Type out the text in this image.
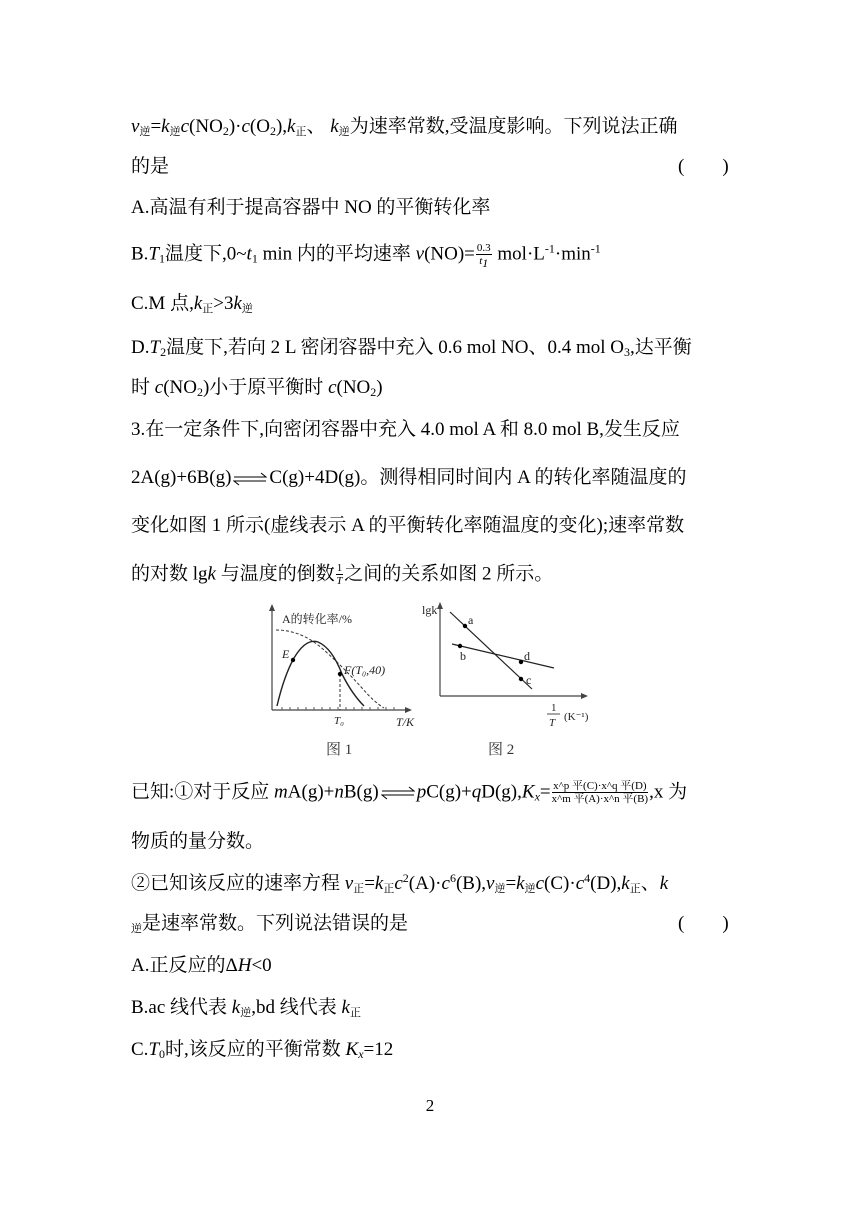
v逆=k逆$c(NO_2)\cdot c(O_2),k$正、 k逆为速率常数,受温度影响。下列说法正确
的是	(　　)
A.高温有利于提高容器中 NO 的平衡转化率
$B.T_1$温度下$,0\sim t_1$ min 内的平均速率 $v(NO)= \frac{0.3}{t_1} mol\cdot L^{-1}\cdot\min^{-1}$
C.M 点,k正>3k逆
$D.T_2$温度下,若向 2 L 密闭容器中充入 0.6 mol NO、0.4 mol $O_3$,达平衡
时 $c(NO_2)$小于原平衡时 $c(NO_2)$
3.在一定条件下,向密闭容器中充入 4.0 mol A 和 8.0 mol B,发生反应
2A(g)+6B(g) ⇌ C(g)+4D(g)。测得相同时间内 A 的转化率随温度的
变化如图 1 所示(虚线表示 A 的平衡转化率随温度的变化);速率常数
的对数 lgk 与温度的倒数 $\frac{1}{T}$ 之间的关系如图 2 所示。
A的转化率/%
E
F(T₀,40)
T₀	T/K
图 1
lgk
a
b
c
d
1
T (K⁻¹)
图 2
已知:①对于反应 mA(g)+nB(g) ⇌ $pC(g)+qD(g),K_x= \frac{\text{x\textasciicircum{}p 平(C)·x\textasciicircum{}q 平(D)}}{\text{x\textasciicircum{}m 平(A)·x\textasciicircum{}n 平(B)}} ,x$ 为
物质的量分数。
②已知该反应的速率方程 v正=k正$c^2(A)\cdot c^6(B),v$逆=k逆$c(C)\cdot c^4(D),k$正、k
逆是速率常数。下列说法错误的是	(　　)
A.正反应的ΔH<0
B.ac 线代表 k逆,bd 线代表 k正
$C.T_0$时,该反应的平衡常数 $K_x=12$
2
